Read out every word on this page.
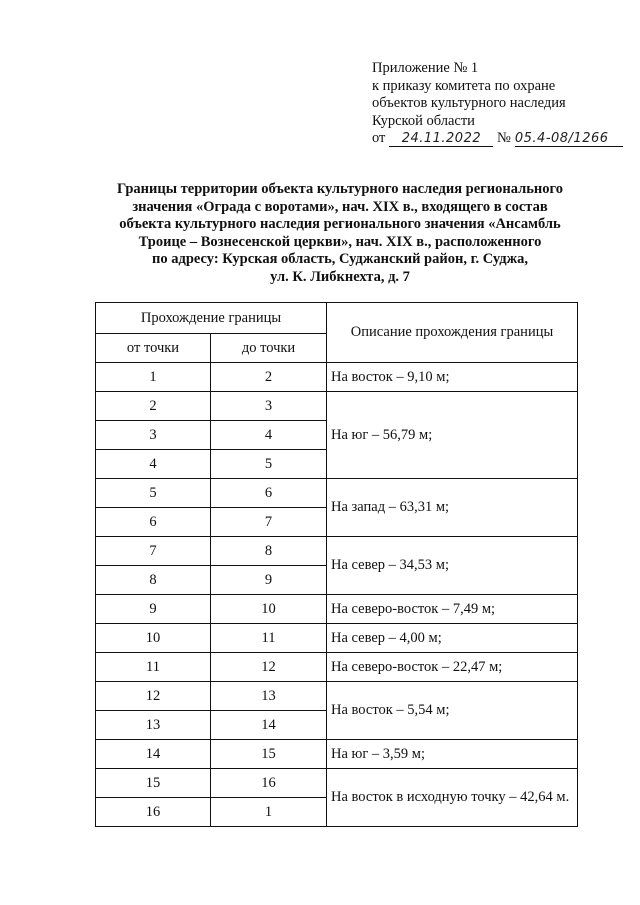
Приложение № 1
к приказу комитета по охране
объектов культурного наследия
Курской области
от 24.11.2022 № 05.4-08/1266
Границы территории объекта культурного наследия регионального
значения «Ограда с воротами», нач. XIX в., входящего в состав
объекта культурного наследия регионального значения «Ансамбль
Троице – Вознесенской церкви», нач. XIX в., расположенного
по адресу: Курская область, Суджанский район, г. Суджа,
ул. К. Либкнехта, д. 7
Прохождение границы		Описание прохождения границы
от точки	до точки	
1	2	На восток – 9,10 м;
2	3	На юг – 56,79 м;
3	4	
4	5	
5	6	На запад – 63,31 м;
6	7	
7	8	На север – 34,53 м;
8	9	
9	10	На северо-восток – 7,49 м;
10	11	На север – 4,00 м;
11	12	На северо-восток – 22,47 м;
12	13	На восток – 5,54 м;
13	14	
14	15	На юг – 3,59 м;
15	16	На восток в исходную точку – 42,64 м.
16	1	
